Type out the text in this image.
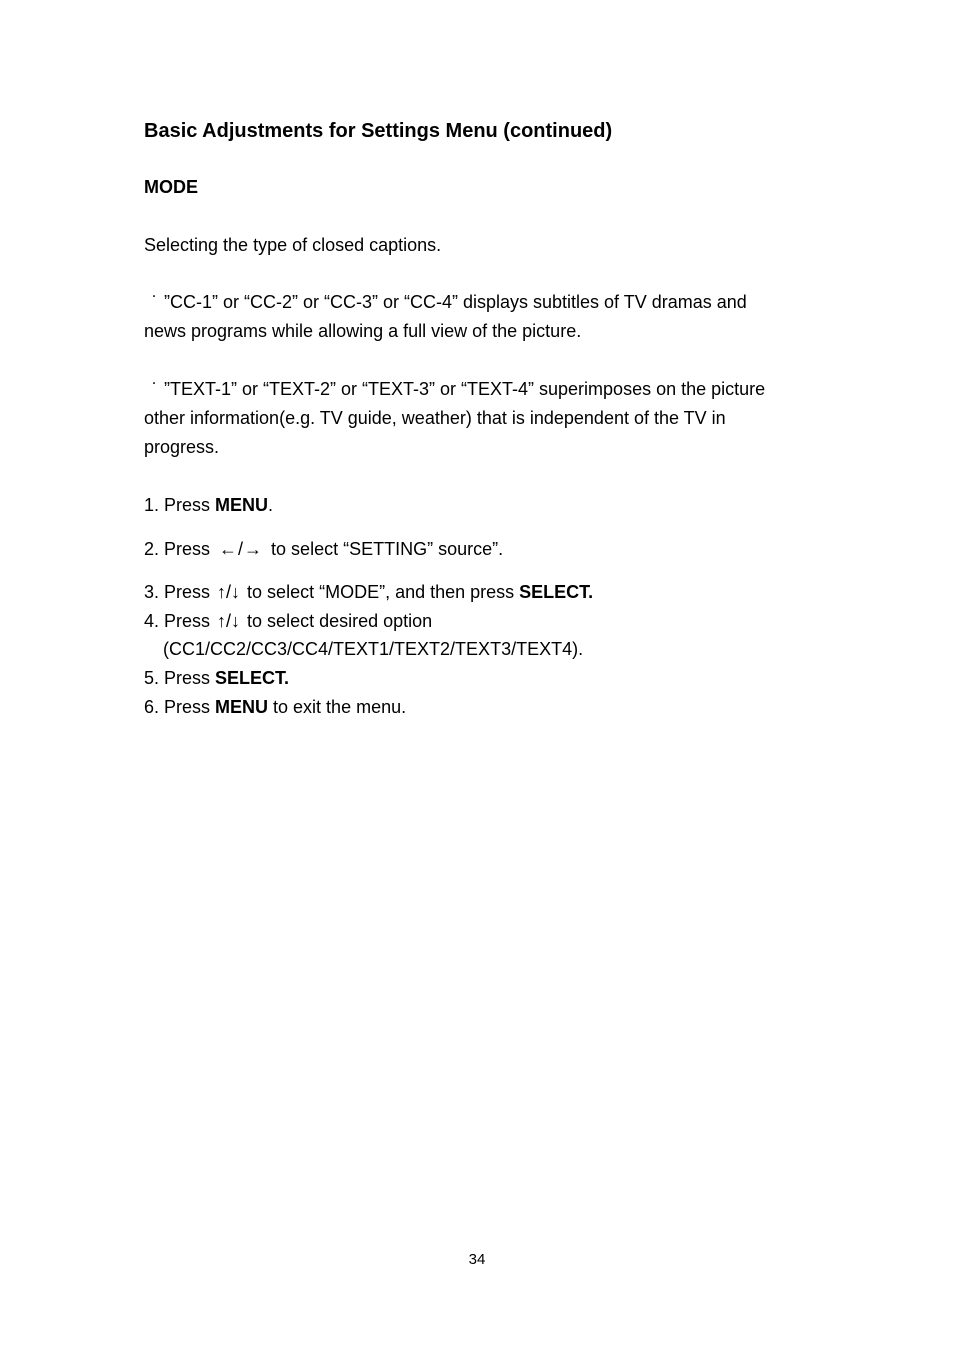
Basic Adjustments for Settings Menu (continued)
MODE
Selecting the type of closed captions.
・ ”CC-1” or “CC-2” or “CC-3” or “CC-4” displays subtitles of TV dramas and
news programs while allowing a full view of the picture.
・ ”TEXT-1” or “TEXT-2” or “TEXT-3” or “TEXT-4” superimposes on the picture
other information(e.g. TV guide, weather) that is independent of the TV in
progress.
1. Press MENU.
2. Press ←/→ to select “SETTING” source”.
3. Press ↑/↓ to select “MODE”, and then press SELECT.
4. Press ↑/↓ to select desired option
(CC1/CC2/CC3/CC4/TEXT1/TEXT2/TEXT3/TEXT4).
5. Press SELECT.
6. Press MENU to exit the menu.
34
